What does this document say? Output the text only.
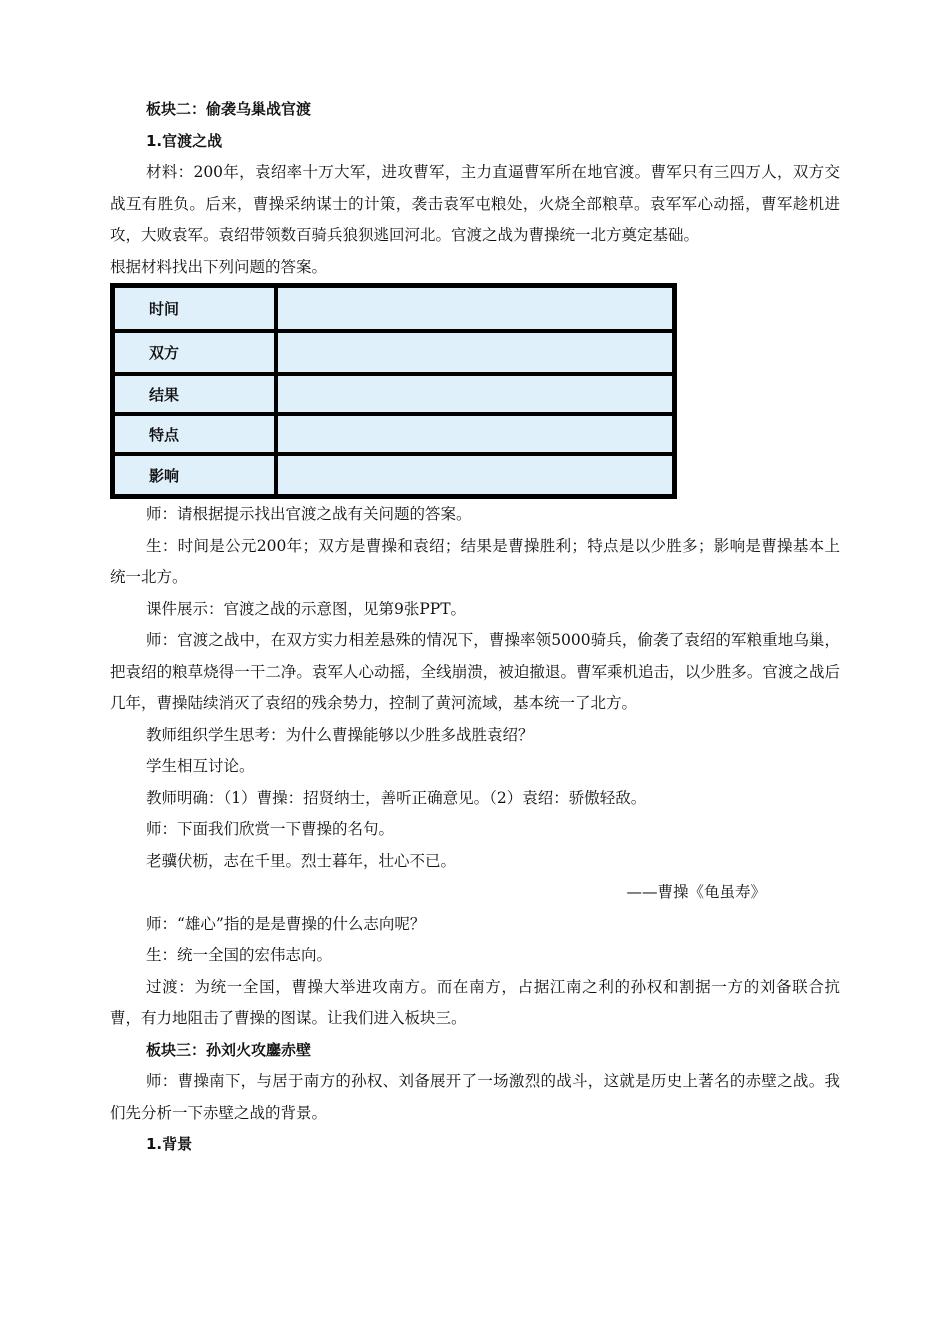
板块二：偷袭乌巢战官渡

1.官渡之战

材料：200年，袁绍率十万大军，进攻曹军，主力直逼曹军所在地官渡。曹军只有三四万人，双方交战互有胜负。后来，曹操采纳谋士的计策，袭击袁军屯粮处，火烧全部粮草。袁军军心动摇，曹军趁机进攻，大败袁军。袁绍带领数百骑兵狼狈逃回河北。官渡之战为曹操统一北方奠定基础。

根据材料找出下列问题的答案。

时间	
双方	
结果	
特点	
影响	

师：请根据提示找出官渡之战有关问题的答案。

生：时间是公元200年；双方是曹操和袁绍；结果是曹操胜利；特点是以少胜多；影响是曹操基本上统一北方。

课件展示：官渡之战的示意图，见第9张PPT。

师：官渡之战中，在双方实力相差悬殊的情况下，曹操率领5000骑兵，偷袭了袁绍的军粮重地乌巢，把袁绍的粮草烧得一干二净。袁军人心动摇，全线崩溃，被迫撤退。曹军乘机追击，以少胜多。官渡之战后几年，曹操陆续消灭了袁绍的残余势力，控制了黄河流域，基本统一了北方。

教师组织学生思考：为什么曹操能够以少胜多战胜袁绍？

学生相互讨论。

教师明确：（1）曹操：招贤纳士，善听正确意见。（2）袁绍：骄傲轻敌。

师：下面我们欣赏一下曹操的名句。

老骥伏枥，志在千里。烈士暮年，壮心不已。

——曹操《龟虽寿》

师：“雄心”指的是是曹操的什么志向呢？

生：统一全国的宏伟志向。

过渡：为统一全国，曹操大举进攻南方。而在南方，占据江南之利的孙权和割据一方的刘备联合抗曹，有力地阻击了曹操的图谋。让我们进入板块三。

板块三：孙刘火攻鏖赤壁

师：曹操南下，与居于南方的孙权、刘备展开了一场激烈的战斗，这就是历史上著名的赤壁之战。我们先分析一下赤壁之战的背景。

1.背景
